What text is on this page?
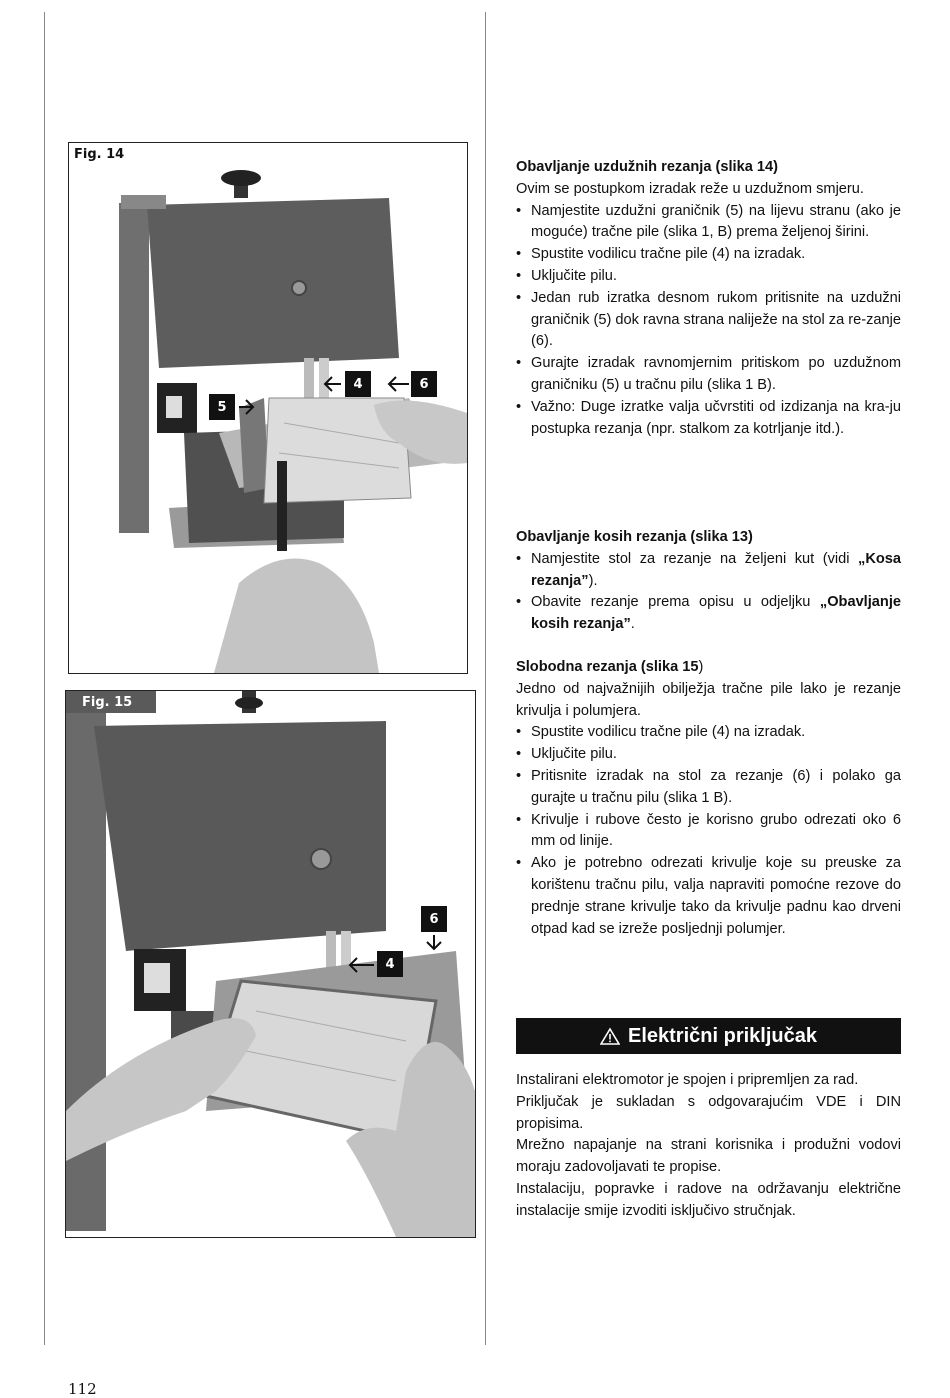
Fig. 14
5
4	6
Fig. 15
6
4

Obavljanje uzdužnih rezanja (slika 14)

Ovim se postupkom izradak reže u uzdužnom smjeru.

• Namjestite uzdužni graničnik (5) na lijevu stranu (ako je moguće) tračne pile (slika 1, B) prema željenoj širini.
• Spustite vodilicu tračne pile (4) na izradak.
• Uključite pilu.
• Jedan rub izratka desnom rukom pritisnite na uzdužni graničnik (5) dok ravna strana naliježe na stol za re-zanje (6).
• Gurajte izradak ravnomjernim pritiskom po uzdužnom graničniku (5) u tračnu pilu (slika 1 B).
• Važno: Duge izratke valja učvrstiti od izdizanja na kra-ju postupka rezanja (npr. stalkom za kotrljanje itd.).

Obavljanje kosih rezanja (slika 13)

• Namjestite stol za rezanje na željeni kut (vidi „Kosa rezanja”).
• Obavite rezanje prema opisu u odjeljku „Obavljanje kosih rezanja”.

Slobodna rezanja (slika 15)

Jedno od najvažnijih obilježja tračne pile lako je rezanje krivulja i polumjera.

• Spustite vodilicu tračne pile (4) na izradak.
• Uključite pilu.
• Pritisnite izradak na stol za rezanje (6) i polako ga gurajte u tračnu pilu (slika 1 B).
• Krivulje i rubove često je korisno grubo odrezati oko 6 mm od linije.
• Ako je potrebno odrezati krivulje koje su preuske za korištenu tračnu pilu, valja napraviti pomoćne rezove do prednje strane krivulje tako da krivulje padnu kao drveni otpad kad se izreže posljednji polumjer.
Električni priključak

Instalirani elektromotor je spojen i pripremljen za rad.

Priključak je sukladan s odgovarajućim VDE i DIN propisima.

Mrežno napajanje na strani korisnika i produžni vodovi moraju zadovoljavati te propise.

Instalaciju, popravke i radove na održavanju električne instalacije smije izvoditi isključivo stručnjak.

112
